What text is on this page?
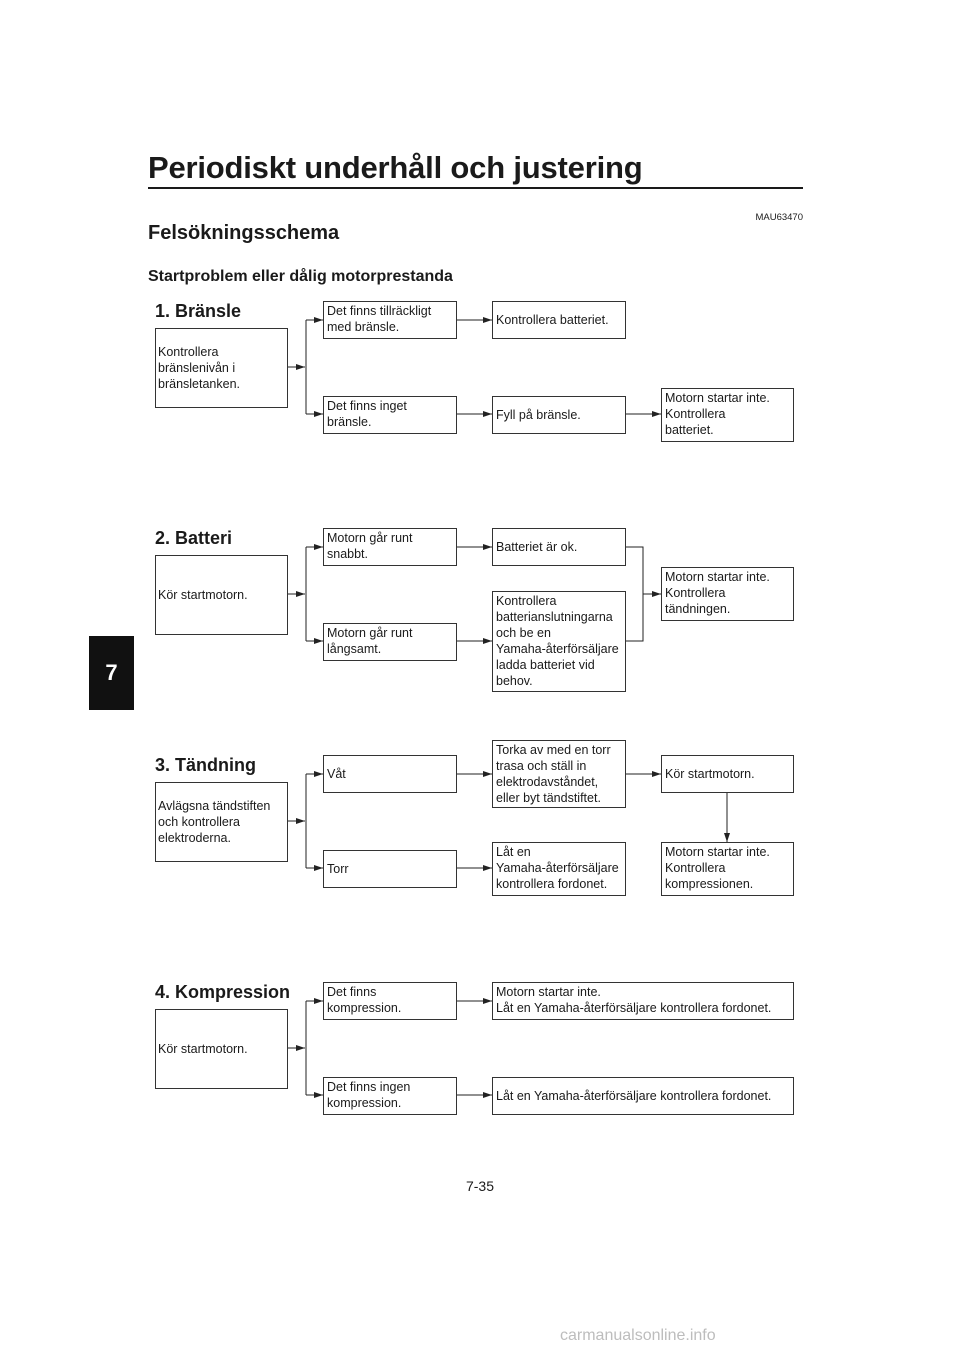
Periodiskt underhåll och justering
MAU63470
Felsökningsschema
Startproblem eller dålig motorprestanda
7
1. Bränsle
Kontrollera
bränslenivån i
bränsletanken.
Det finns tillräckligt
med bränsle.	Kontrollera batteriet.
Det finns inget
bränsle.	Fyll på bränsle.
Motorn startar inte.
Kontrollera
batteriet.
2. Batteri
Kör startmotorn.
Motorn går runt
snabbt.	Batteriet är ok.
Motorn går runt
långsamt.
Kontrollera
batterianslutningarna
och be en
Yamaha-återförsäljare
ladda batteriet vid
behov.
Motorn startar inte.
Kontrollera
tändningen.
3. Tändning
Avlägsna tändstiften
och kontrollera
elektroderna.
Våt
Torka av med en torr
trasa och ställ in
elektrodavståndet,
eller byt tändstiftet.
Kör startmotorn.
Torr
Låt en
Yamaha-återförsäljare
kontrollera fordonet.
Motorn startar inte.
Kontrollera
kompressionen.
4. Kompression
Kör startmotorn.
Det finns
kompression.
Motorn startar inte.
Låt en Yamaha-återförsäljare kontrollera fordonet.
Det finns ingen
kompression.	Låt en Yamaha-återförsäljare kontrollera fordonet.
7-35
carmanualsonline.info
